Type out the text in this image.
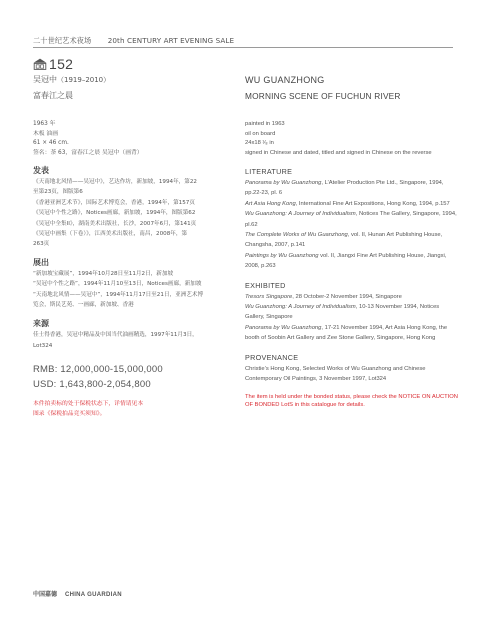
二十世纪艺术夜场 20th CENTURY ART EVENING SALE
152
吴冠中（1919–2010）
富春江之晨
1963 年
木板 油画
61 × 46 cm.
签名：荼 63，富春江之晨 吴冠中（画背）
发表
《天南地北风情——吴冠中》，艺达作坊，新加坡，1994年，第22
至第23页，图版第6
《香港亚洲艺术节》，国际艺术博览会，香港，1994年，第157页
《吴冠中个性之路》，Notices画廊，新加坡，1994年，图版第62
《吴冠中全集II》，湖南美术出版社，长沙，2007年6月，第141页
《吴冠中画集（下卷）》，江西美术出版社，南昌，2008年，第
263页
展出
“新加坡宝藏展”，1994年10月28日至11月2日，新加坡
“吴冠中个性之路”，1994年11月10至13日，Notices画廊，新加坡
“天南地北风情——吴冠中”，1994年11月17日至21日，亚洲艺术博
览会，斯民艺苑、一画廊，新加坡、香港
来源
佳士得香港，吴冠中精品及中国当代油画精选，1997年11月3日，
Lot324
RMB: 12,000,000-15,000,000
USD: 1,643,800-2,054,800
本件拍卖标的处于保税状态下，详情请见本
图录《保税拍品竞买须知》。
WU GUANZHONG
MORNING SCENE OF FUCHUN RIVER
painted in 1963
oil on board
24x18 ¹⁄₈ in
signed in Chinese and dated, titled and signed in Chinese on the reverse
LITERATURE
Panorama by Wu Guanzhong, L’Atelier Production Pte Ltd., Singapore, 1994, pp.22-23, pl. 6
Art Asia Hong Kong, International Fine Art Expositions, Hong Kong, 1994, p.157
Wu Guanzhong: A Journey of Individualism, Notices The Gallery, Singapore, 1994, pl.62
The Complete Works of Wu Guanzhong, vol. II, Hunan Art Publishing House, Changsha, 2007, p.141
Paintings by Wu Guanzhong vol. II, Jiangxi Fine Art Publishing House, Jiangxi, 2008, p.263
EXHIBITED
Tresors Singapore, 28 October-2 November 1994, Singapore
Wu Guanzhong: A Journey of Individualism, 10-13 November 1994, Notices Gallery, Singapore
Panorama by Wu Guanzhong, 17-21 November 1994, Art Asia Hong Kong, the booth of Soobin Art Gallery and Zee Stone Gallery, Singapore, Hong Kong
PROVENANCE
Christie’s Hong Kong, Selected Works of Wu Guanzhong and Chinese Contemporary Oil Paintings, 3 November 1997, Lot324
The item is held under the bonded status, please check the NOTICE ON AUCTION OF BONDED LotS in this catalogue for details.
中国嘉德 CHINA GUARDIAN
